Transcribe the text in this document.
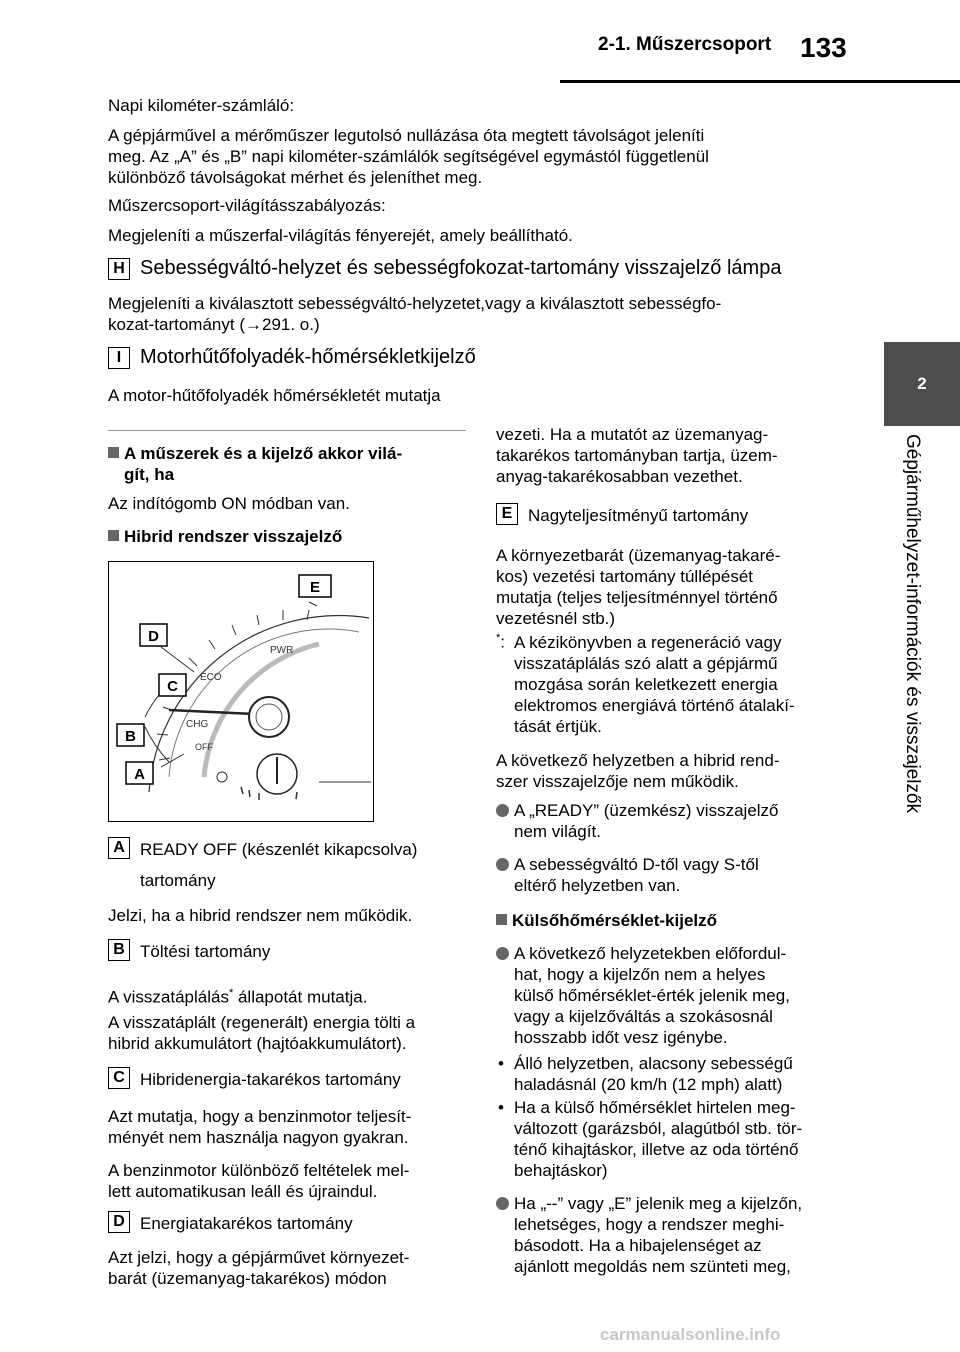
2-1. Műszercsoport 133
2
Gépjárműhelyzet-információk és visszajelzők
Napi kilométer-számláló:
A gépjárművel a mérőműszer legutolsó nullázása óta megtett távolságot jeleníti
meg. Az „A” és „B” napi kilométer-számlálók segítségével egymástól függetlenül
különböző távolságokat mérhet és jeleníthet meg.
Műszercsoport-világításszabályozás:
Megjeleníti a műszerfal-világítás fényerejét, amely beállítható.
H Sebességváltó-helyzet és sebességfokozat-tartomány visszajelző lámpa
Megjeleníti a kiválasztott sebességváltó-helyzetet,vagy a kiválasztott sebességfo-
kozat-tartományt (→291. o.)
I Motorhűtőfolyadék-hőmérsékletkijelző
A motor-hűtőfolyadék hőmérsékletét mutatja
A műszerek és a kijelző akkor vilá-
gít, ha
Az indítógomb ON módban van.
Hibrid rendszer visszajelző
PWR
ECO
CHG
OFF
E
D
C
B
A
A READY OFF (készenlét kikapcsolva)
tartomány
Jelzi, ha a hibrid rendszer nem működik.
B Töltési tartomány
A visszatáplálás* állapotát mutatja.
A visszatáplált (regenerált) energia tölti a
hibrid akkumulátort (hajtóakkumulátort).
C Hibridenergia-takarékos tartomány
Azt mutatja, hogy a benzinmotor teljesít-
ményét nem használja nagyon gyakran.
A benzinmotor különböző feltételek mel-
lett automatikusan leáll és újraindul.
D Energiatakarékos tartomány
Azt jelzi, hogy a gépjárművet környezet-
barát (üzemanyag-takarékos) módon
vezeti. Ha a mutatót az üzemanyag-
takarékos tartományban tartja, üzem-
anyag-takarékosabban vezethet.
E Nagyteljesítményű tartomány
A környezetbarát (üzemanyag-takaré-
kos) vezetési tartomány túllépését
mutatja (teljes teljesítménnyel történő
vezetésnél stb.)
*: A kézikönyvben a regeneráció vagy
visszatáplálás szó alatt a gépjármű
mozgása során keletkezett energia
elektromos energiává történő átalakí-
tását értjük.
A következő helyzetben a hibrid rend-
szer visszajelzője nem működik.
A „READY” (üzemkész) visszajelző
nem világít.
A sebességváltó D-től vagy S-től
eltérő helyzetben van.
Külsőhőmérséklet-kijelző
A következő helyzetekben előfordul-
hat, hogy a kijelzőn nem a helyes
külső hőmérséklet-érték jelenik meg,
vagy a kijelzőváltás a szokásosnál
hosszabb időt vesz igénybe.
• Álló helyzetben, alacsony sebességű
haladásnál (20 km/h (12 mph) alatt)
• Ha a külső hőmérséklet hirtelen meg-
változott (garázsból, alagútból stb. tör-
ténő kihajtáskor, illetve az oda történő
behajtáskor)
Ha „--” vagy „E” jelenik meg a kijelzőn,
lehetséges, hogy a rendszer meghi-
básodott. Ha a hibajelenséget az
ajánlott megoldás nem szünteti meg,
carmanualsonline.info
